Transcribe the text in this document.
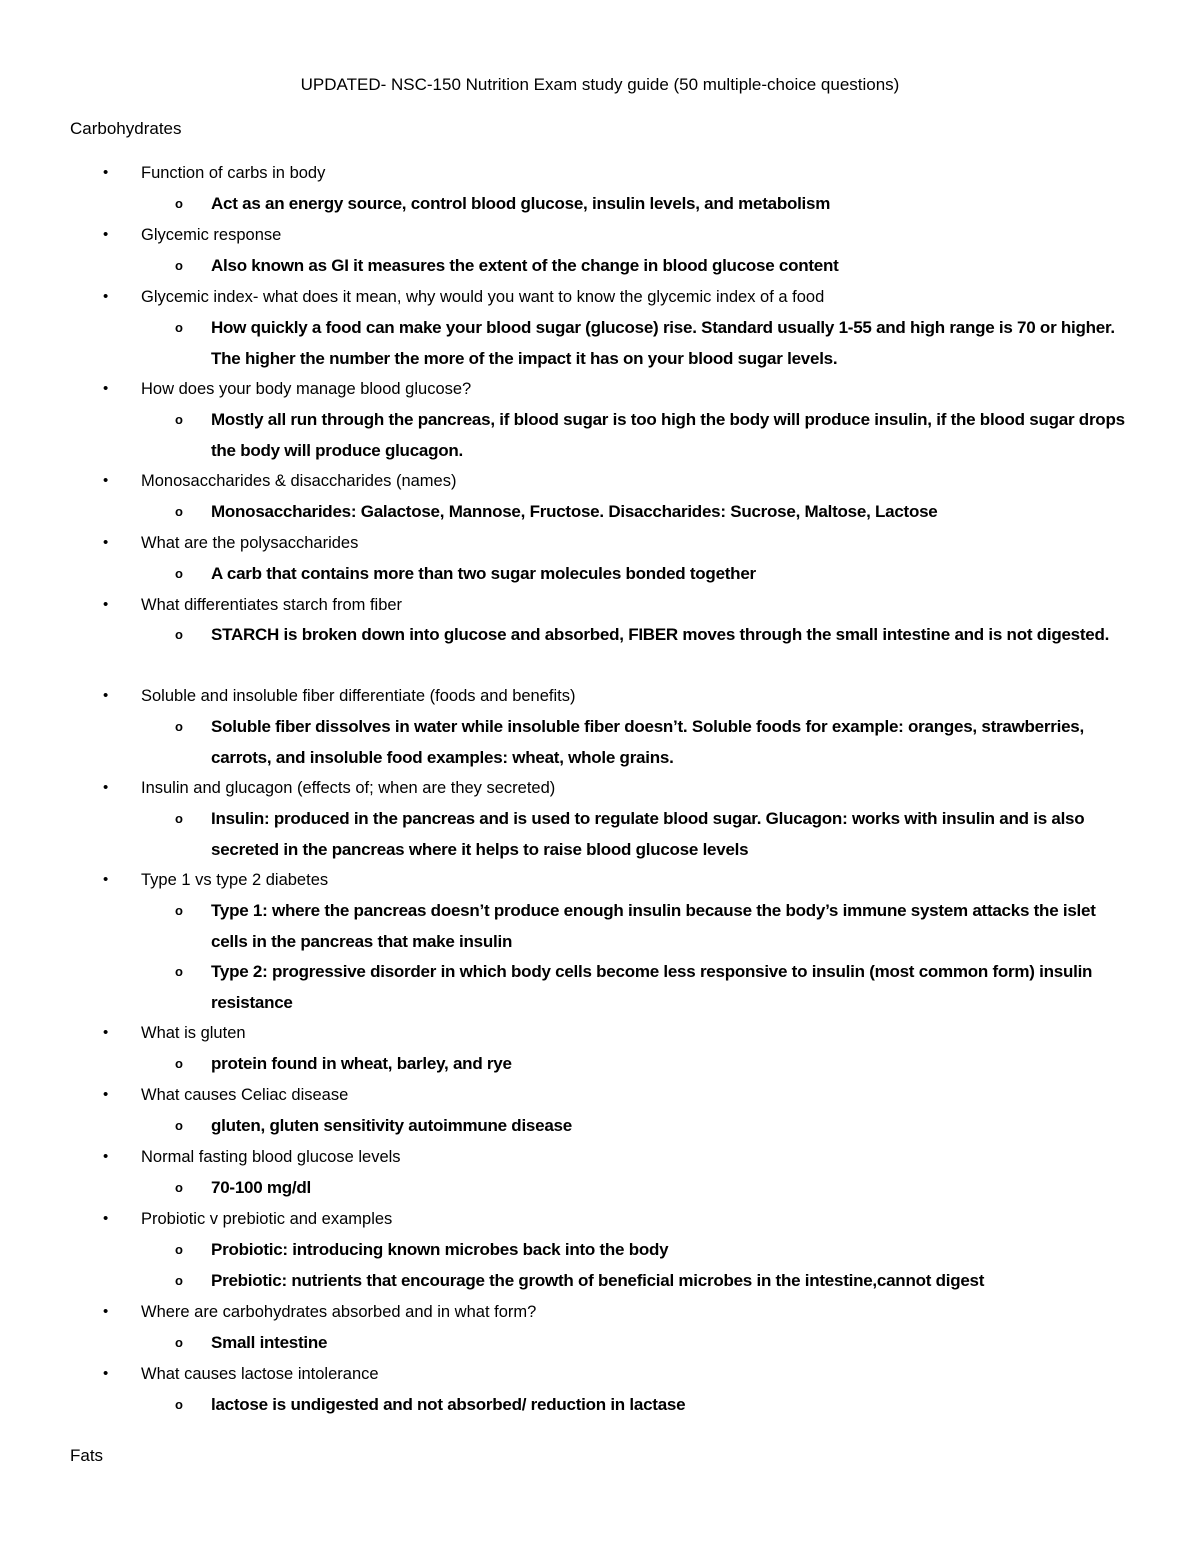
UPDATED- NSC-150 Nutrition Exam study guide (50 multiple-choice questions)
Carbohydrates
• Function of carbs in body
o Act as an energy source, control blood glucose, insulin levels, and metabolism
• Glycemic response
o Also known as GI it measures the extent of the change in blood glucose content
• Glycemic index- what does it mean, why would you want to know the glycemic index of a food
o How quickly a food can make your blood sugar (glucose) rise. Standard usually 1-55 and high range is 70 or higher. The higher the number the more of the impact it has on your blood sugar levels.
• How does your body manage blood glucose?
o Mostly all run through the pancreas, if blood sugar is too high the body will produce insulin, if the blood sugar drops the body will produce glucagon.
• Monosaccharides & disaccharides (names)
o Monosaccharides: Galactose, Mannose, Fructose. Disaccharides: Sucrose, Maltose, Lactose
• What are the polysaccharides
o A carb that contains more than two sugar molecules bonded together
• What differentiates starch from fiber
o STARCH is broken down into glucose and absorbed, FIBER moves through the small intestine and is not digested.
• Soluble and insoluble fiber differentiate (foods and benefits)
o Soluble fiber dissolves in water while insoluble fiber doesn’t. Soluble foods for example: oranges, strawberries, carrots, and insoluble food examples: wheat, whole grains.
• Insulin and glucagon (effects of; when are they secreted)
o Insulin: produced in the pancreas and is used to regulate blood sugar. Glucagon: works with insulin and is also secreted in the pancreas where it helps to raise blood glucose levels
• Type 1 vs type 2 diabetes
o Type 1: where the pancreas doesn’t produce enough insulin because the body’s immune system attacks the islet cells in the pancreas that make insulin
o Type 2: progressive disorder in which body cells become less responsive to insulin (most common form) insulin resistance
• What is gluten
o protein found in wheat, barley, and rye
• What causes Celiac disease
o gluten, gluten sensitivity autoimmune disease
• Normal fasting blood glucose levels
o 70-100 mg/dl
• Probiotic v prebiotic and examples
o Probiotic: introducing known microbes back into the body
o Prebiotic: nutrients that encourage the growth of beneficial microbes in the intestine,cannot digest
• Where are carbohydrates absorbed and in what form?
o Small intestine
• What causes lactose intolerance
o lactose is undigested and not absorbed/ reduction in lactase
Fats
